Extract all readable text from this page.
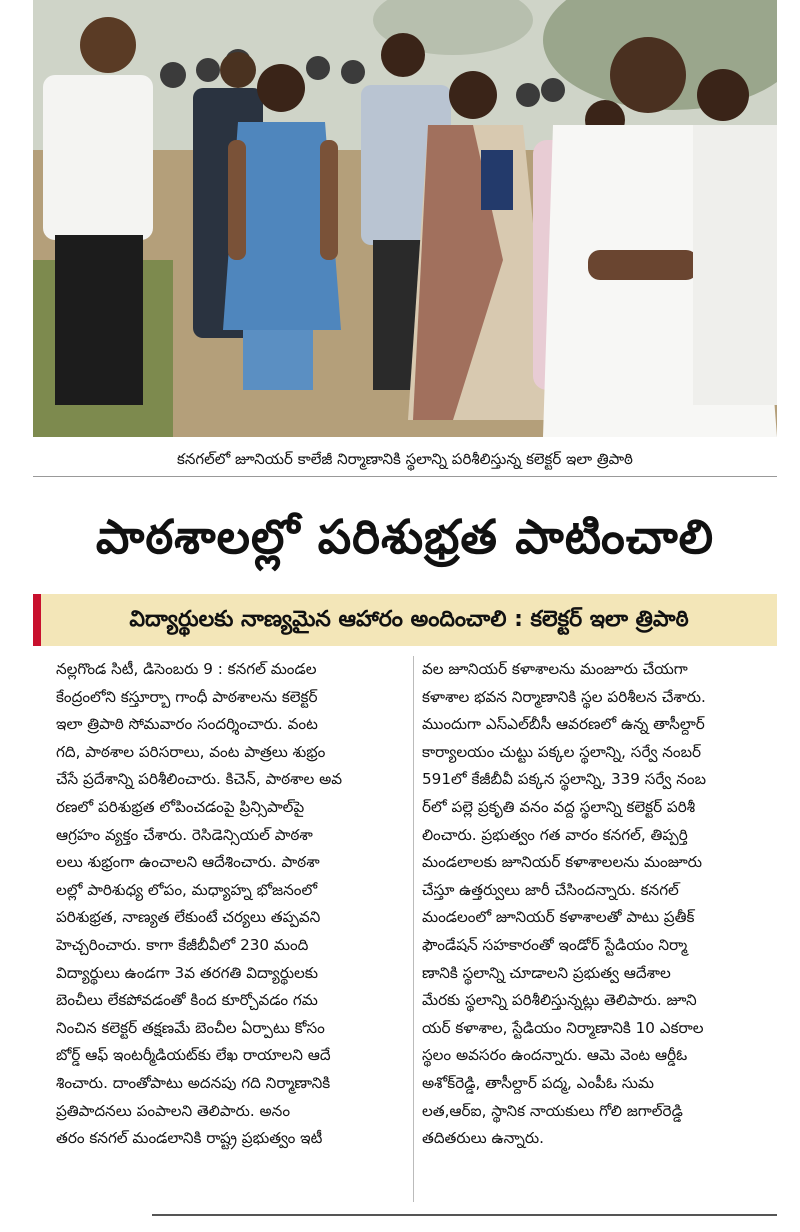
కనగల్‌లో జూనియర్ కాలేజీ నిర్మాణానికి స్థలాన్ని పరిశీలిస్తున్న కలెక్టర్ ఇలా త్రిపాఠి
పాఠశాలల్లో పరిశుభ్రత పాటించాలి
విద్యార్థులకు నాణ్యమైన ఆహారం అందించాలి : కలెక్టర్ ఇలా త్రిపాఠి

నల్లగొండ సిటీ, డిసెంబరు 9 : కనగల్ మండల

కేంద్రంలోని కస్తూర్బా గాంధీ పాఠశాలను కలెక్టర్

ఇలా త్రిపాఠి సోమవారం సందర్శించారు. వంట

గది, పాఠశాల పరిసరాలు, వంట పాత్రలు శుభ్రం

చేసే ప్రదేశాన్ని పరిశీలించారు. కిచెన్, పాఠశాల అవ

రణలో పరిశుభ్రత లోపించడంపై ప్రిన్సిపాల్‌పై

ఆగ్రహం వ్యక్తం చేశారు. రెసిడెన్సియల్ పాఠశా

లలు శుభ్రంగా ఉంచాలని ఆదేశించారు. పాఠశా

లల్లో పారిశుధ్య లోపం, మధ్యాహ్న భోజనంలో

పరిశుభ్రత, నాణ్యత లేకుంటే చర్యలు తప్పవని

హెచ్చరించారు. కాగా కేజీబీవీలో 230 మంది

విద్యార్థులు ఉండగా 3వ తరగతి విద్యార్థులకు

బెంచీలు లేకపోవడంతో కింద కూర్చోవడం గమ

నించిన కలెక్టర్ తక్షణమే బెంచీల ఏర్పాటు కోసం

బోర్డ్ ఆఫ్ ఇంటర్మీడియట్‌కు లేఖ రాయాలని ఆదే

శించారు. దాంతోపాటు అదనపు గది నిర్మాణానికి

ప్రతిపాదనలు పంపాలని తెలిపారు. అనం

తరం కనగల్ మండలానికి రాష్ట్ర ప్రభుత్వం ఇటీ

వల జూనియర్ కళాశాలను మంజూరు చేయగా

కళాశాల భవన నిర్మాణానికి స్థల పరిశీలన చేశారు.

ముందుగా ఎస్ఎల్‌బీసీ ఆవరణలో ఉన్న తాసీల్దార్

కార్యాలయం చుట్టు పక్కల స్థలాన్ని, సర్వే నంబర్

591లో కేజీబీవీ పక్కన స్థలాన్ని, 339 సర్వే నంబ

ర్‌లో పల్లె ప్రకృతి వనం వద్ద స్థలాన్ని కలెక్టర్ పరిశీ

లించారు. ప్రభుత్వం గత వారం కనగల్, తిప్పర్తి

మండలాలకు జూనియర్ కళాశాలలను మంజూరు

చేస్తూ ఉత్తర్వులు జారీ చేసిందన్నారు. కనగల్

మండలంలో జూనియర్ కళాశాలతో పాటు ప్రతీక్

ఫౌండేషన్ సహకారంతో ఇండోర్ స్టేడియం నిర్మా

ణానికి స్థలాన్ని చూడాలని ప్రభుత్వ ఆదేశాల

మేరకు స్థలాన్ని పరిశీలిస్తున్నట్లు తెలిపారు. జూని

యర్ కళాశాల, స్టేడియం నిర్మాణానికి 10 ఎకరాల

స్థలం అవసరం ఉందన్నారు. ఆమె వెంట ఆర్డీఓ

అశోక్‌రెడ్డి, తాసీల్దార్ పద్మ, ఎంపీఓ సుమ

లత,ఆర్ఐ, స్థానిక నాయకులు గోలి జగాల్‌రెడ్డి

తదితరులు ఉన్నారు.
